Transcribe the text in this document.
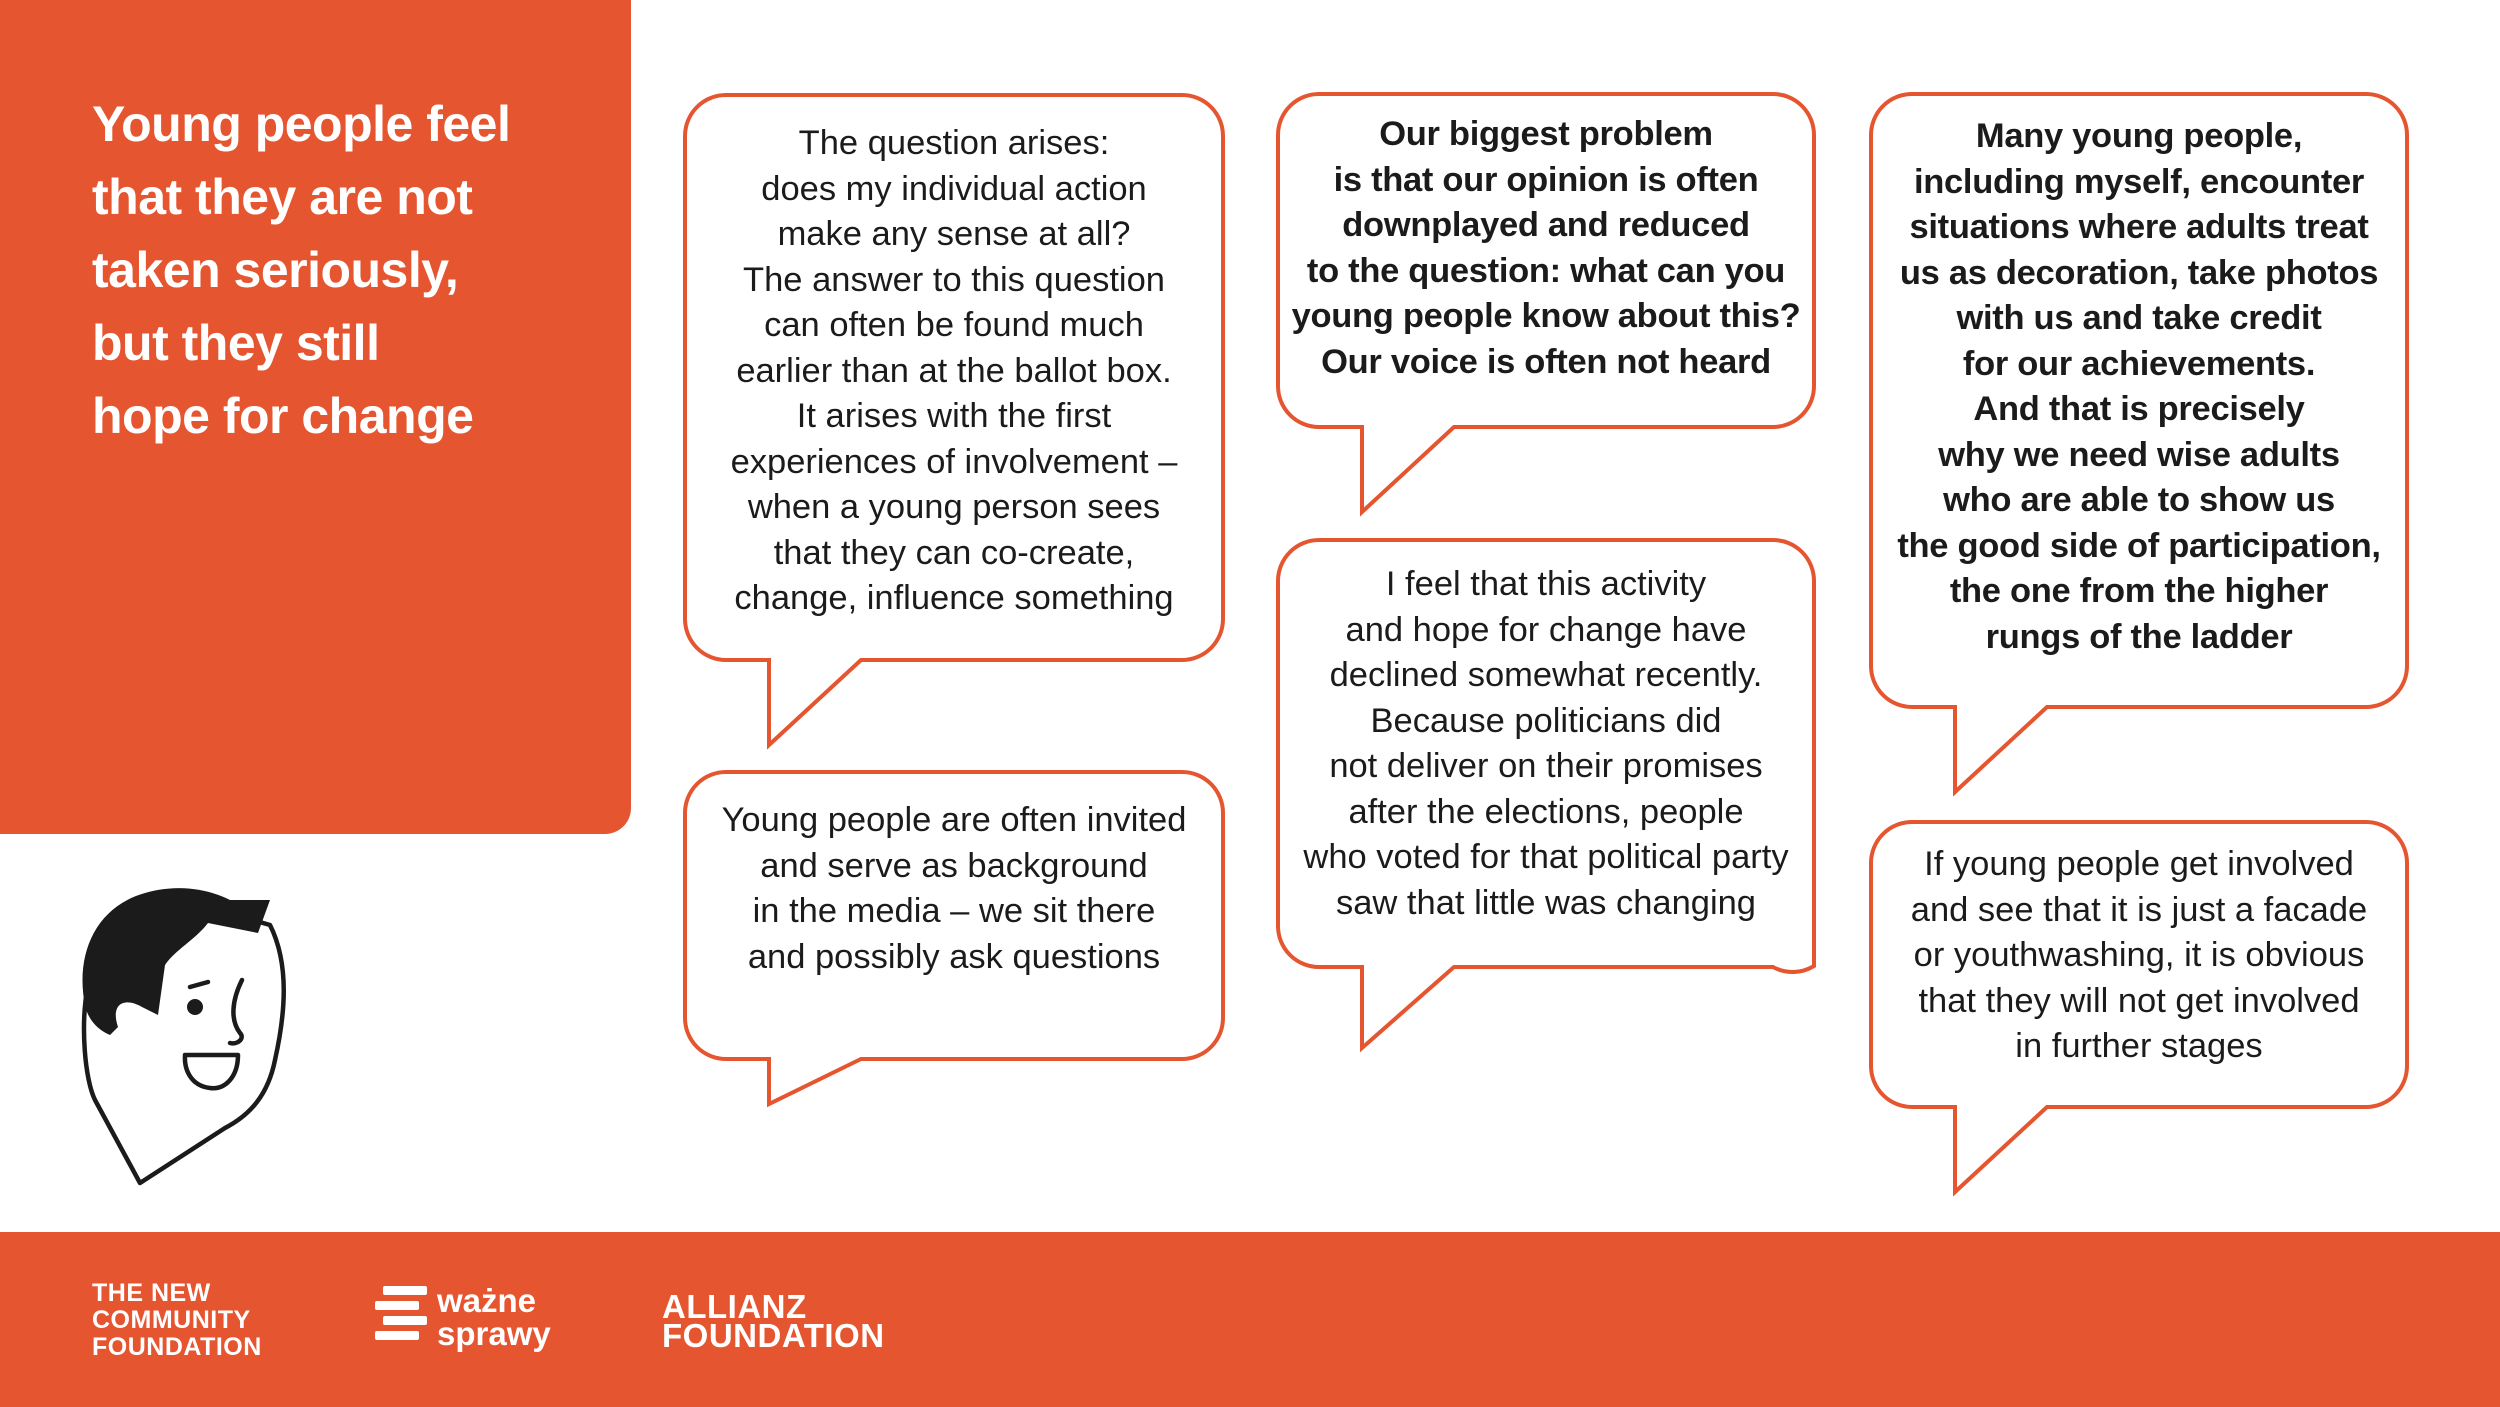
Young people feel
that they are not
taken seriously,
but they still
hope for change
The question arises:
does my individual action
make any sense at all?
The answer to this question
can often be found much
earlier than at the ballot box.
It arises with the first
experiences of involvement –
when a young person sees
that they can co-create,
change, influence something
Young people are often invited
and serve as background
in the media – we sit there
and possibly ask questions
Our biggest problem
is that our opinion is often
downplayed and reduced
to the question: what can you
young people know about this?
Our voice is often not heard
I feel that this activity
and hope for change have
declined somewhat recently.
Because politicians did
not deliver on their promises
after the elections, people
who voted for that political party
saw that little was changing
Many young people,
including myself, encounter
situations where adults treat
us as decoration, take photos
with us and take credit
for our achievements.
And that is precisely
why we need wise adults
who are able to show us
the good side of participation,
the one from the higher
rungs of the ladder
If young people get involved
and see that it is just a facade
or youthwashing, it is obvious
that they will not get involved
in further stages
THE NEW
COMMUNITY
FOUNDATION
ważne
sprawy
ALLIANZ
FOUNDATION
